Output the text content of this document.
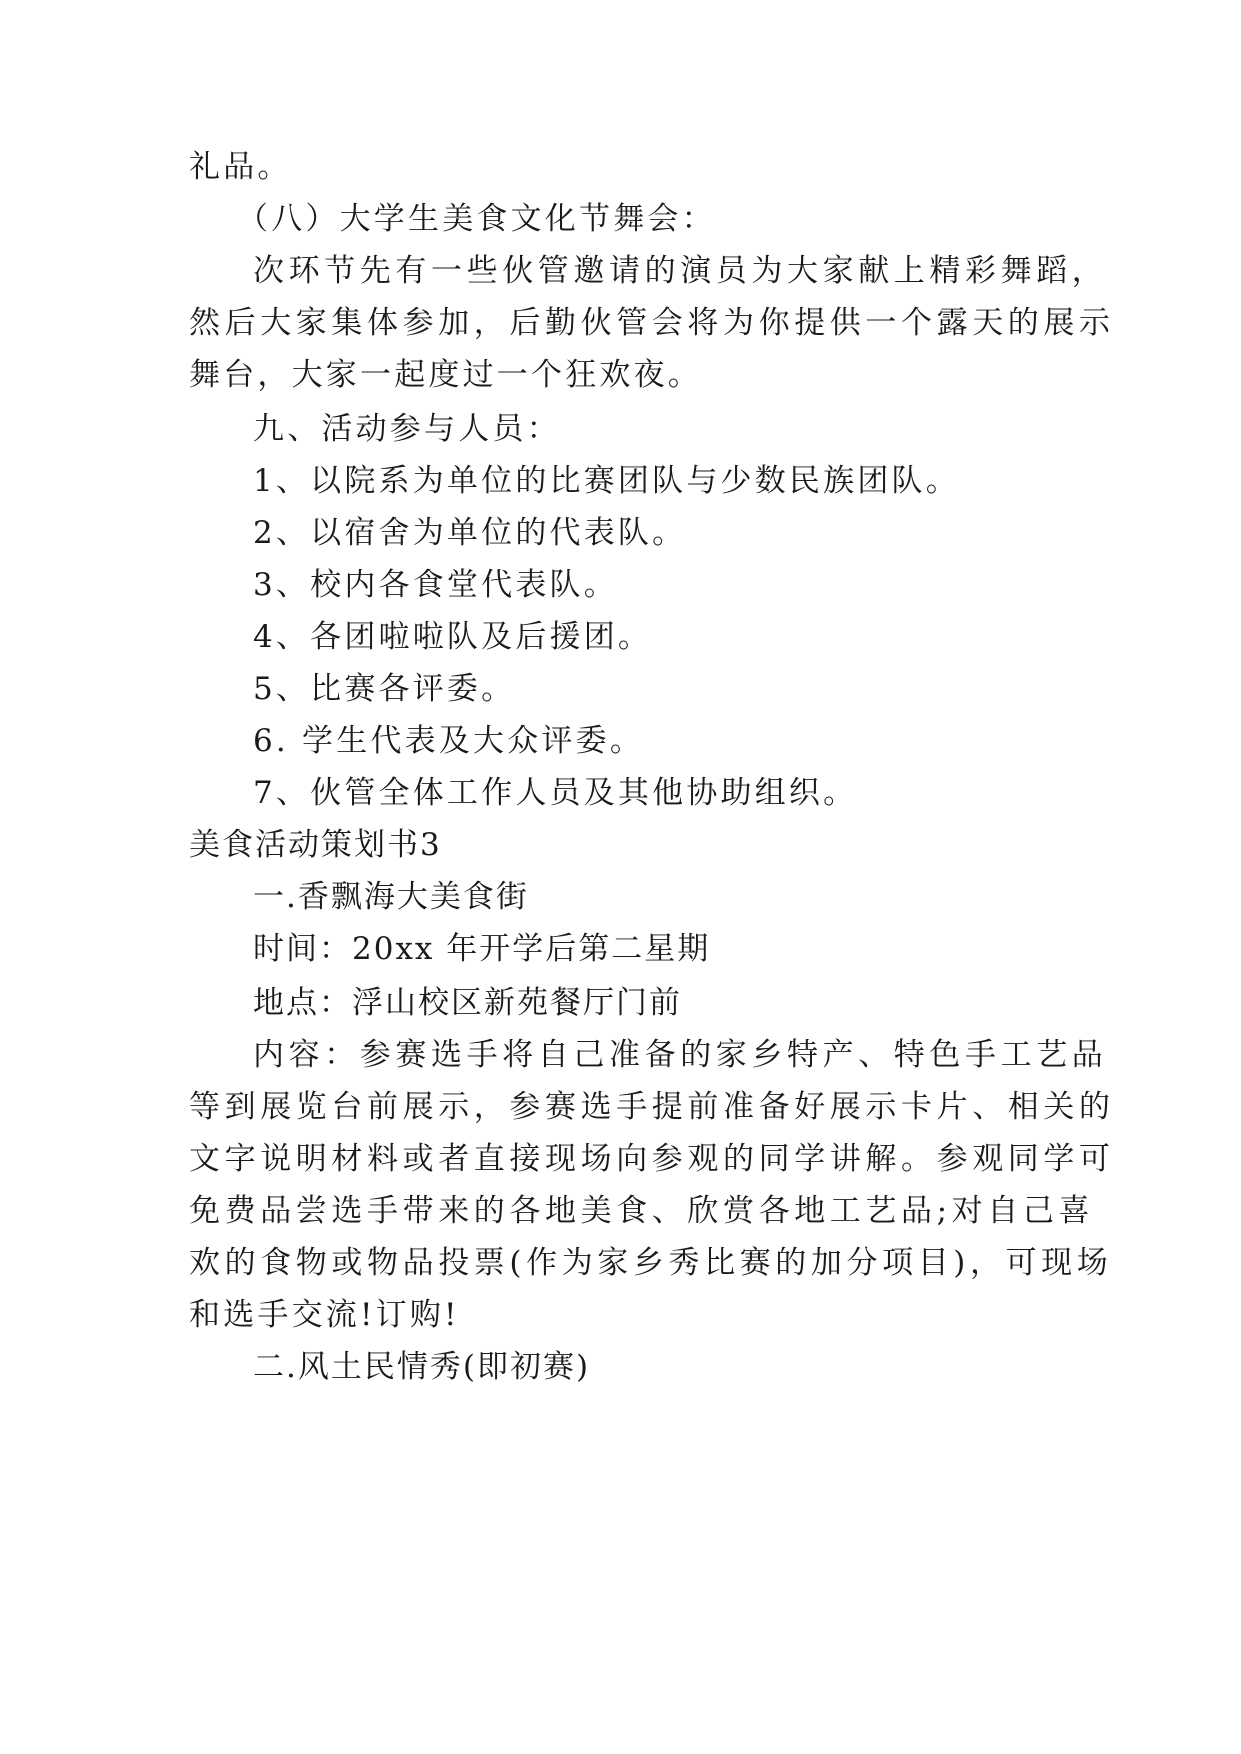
礼品。
（八）大学生美食文化节舞会：
次环节先有一些伙管邀请的演员为大家献上精彩舞蹈，
然后大家集体参加，后勤伙管会将为你提供一个露天的展示
舞台，大家一起度过一个狂欢夜。
九、活动参与人员：
1、以院系为单位的比赛团队与少数民族团队。
2、以宿舍为单位的代表队。
3、校内各食堂代表队。
4、各团啦啦队及后援团。
5、比赛各评委。
6. 学生代表及大众评委。
7、伙管全体工作人员及其他协助组织。
美食活动策划书3
一.香飘海大美食街
时间：20xx 年开学后第二星期
地点：浮山校区新苑餐厅门前
内容：参赛选手将自己准备的家乡特产、特色手工艺品
等到展览台前展示，参赛选手提前准备好展示卡片、相关的
文字说明材料或者直接现场向参观的同学讲解。参观同学可
免费品尝选手带来的各地美食、欣赏各地工艺品;对自己喜
欢的食物或物品投票(作为家乡秀比赛的加分项目)，可现场
和选手交流!订购!
二.风土民情秀(即初赛)
